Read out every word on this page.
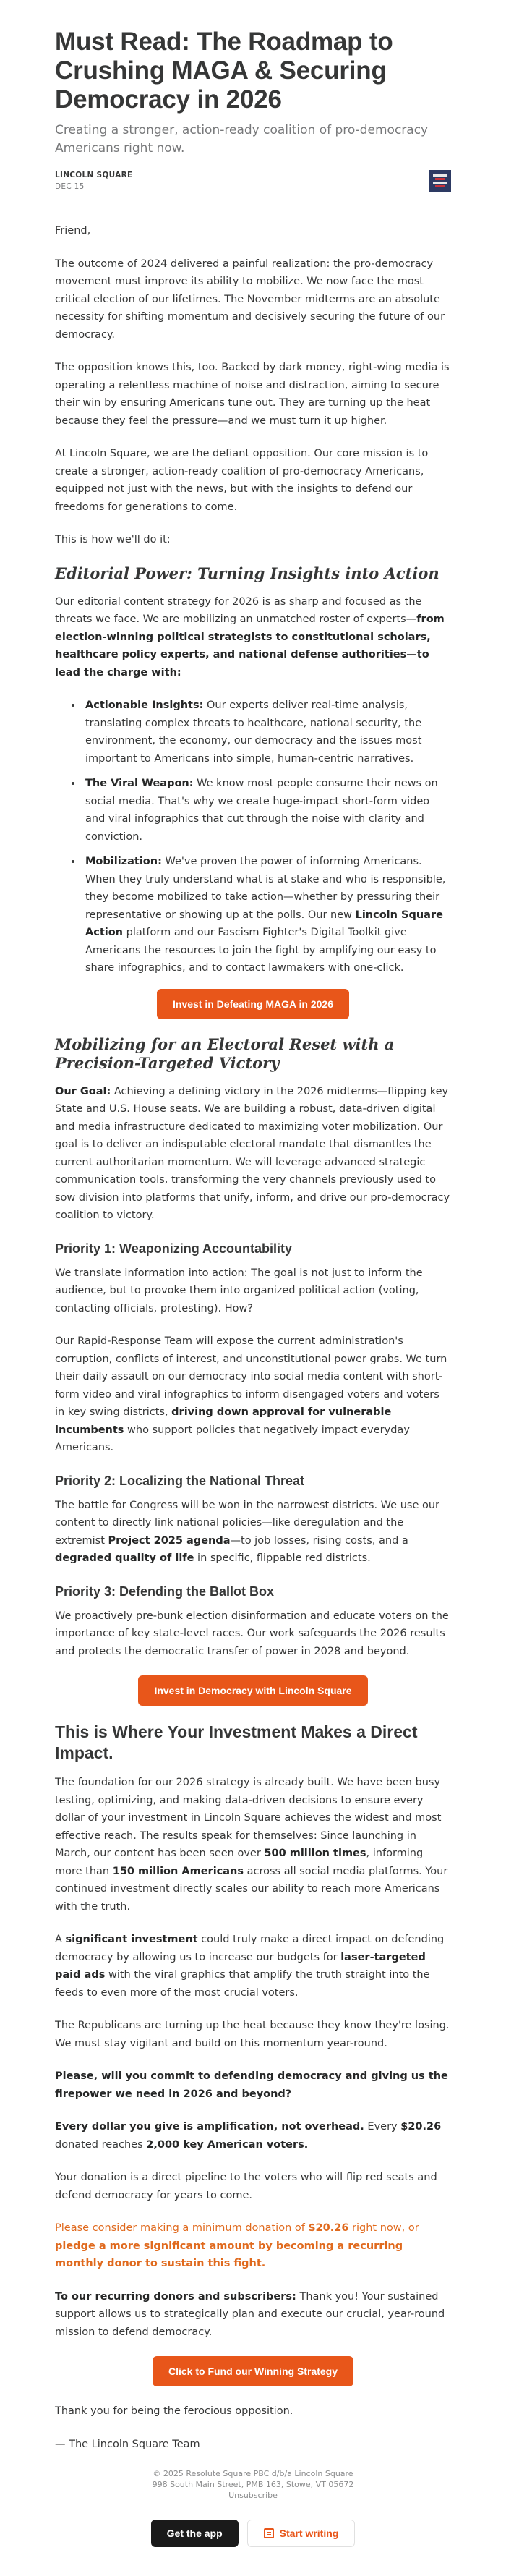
Must Read: The Roadmap to Crushing MAGA & Securing Democracy in 2026
Creating a stronger, action-ready coalition of pro-democracy Americans right now.
LINCOLN SQUARE
DEC 15

Friend,

The outcome of 2024 delivered a painful realization: the pro-democracy movement must improve its ability to mobilize. We now face the most critical election of our lifetimes. The November midterms are an absolute necessity for shifting momentum and decisively securing the future of our democracy.

The opposition knows this, too. Backed by dark money, right-wing media is operating a relentless machine of noise and distraction, aiming to secure their win by ensuring Americans tune out. They are turning up the heat because they feel the pressure—and we must turn it up higher.

At Lincoln Square, we are the defiant opposition. Our core mission is to create a stronger, action-ready coalition of pro-democracy Americans, equipped not just with the news, but with the insights to defend our freedoms for generations to come.

This is how we'll do it:

Editorial Power: Turning Insights into Action

Our editorial content strategy for 2026 is as sharp and focused as the threats we face. We are mobilizing an unmatched roster of experts—from election-winning political strategists to constitutional scholars, healthcare policy experts, and national defense authorities—to lead the charge with:

• Actionable Insights: Our experts deliver real-time analysis, translating complex threats to healthcare, national security, the environment, the economy, our democracy and the issues most important to Americans into simple, human-centric narratives.
• The Viral Weapon: We know most people consume their news on social media. That's why we create huge-impact short-form video and viral infographics that cut through the noise with clarity and conviction.
• Mobilization: We've proven the power of informing Americans. When they truly understand what is at stake and who is responsible, they become mobilized to take action—whether by pressuring their representative or showing up at the polls. Our new Lincoln Square Action platform and our Fascism Fighter's Digital Toolkit give Americans the resources to join the fight by amplifying our easy to share infographics, and to contact lawmakers with one-click.
Invest in Defeating MAGA in 2026
Mobilizing for an Electoral Reset with a Precision-Targeted Victory

Our Goal: Achieving a defining victory in the 2026 midterms—flipping key State and U.S. House seats. We are building a robust, data-driven digital and media infrastructure dedicated to maximizing voter mobilization. Our goal is to deliver an indisputable electoral mandate that dismantles the current authoritarian momentum. We will leverage advanced strategic communication tools, transforming the very channels previously used to sow division into platforms that unify, inform, and drive our pro-democracy coalition to victory.

Priority 1: Weaponizing Accountability

We translate information into action: The goal is not just to inform the audience, but to provoke them into organized political action (voting, contacting officials, protesting). How?

Our Rapid-Response Team will expose the current administration's corruption, conflicts of interest, and unconstitutional power grabs. We turn their daily assault on our democracy into social media content with short-form video and viral infographics to inform disengaged voters and voters in key swing districts, driving down approval for vulnerable incumbents who support policies that negatively impact everyday Americans.

Priority 2: Localizing the National Threat

The battle for Congress will be won in the narrowest districts. We use our content to directly link national policies—like deregulation and the extremist Project 2025 agenda—to job losses, rising costs, and a degraded quality of life in specific, flippable red districts.

Priority 3: Defending the Ballot Box

We proactively pre-bunk election disinformation and educate voters on the importance of key state-level races. Our work safeguards the 2026 results and protects the democratic transfer of power in 2028 and beyond.

Invest in Democracy with Lincoln Square
This is Where Your Investment Makes a Direct Impact.

The foundation for our 2026 strategy is already built. We have been busy testing, optimizing, and making data-driven decisions to ensure every dollar of your investment in Lincoln Square achieves the widest and most effective reach. The results speak for themselves: Since launching in March, our content has been seen over 500 million times, informing more than 150 million Americans across all social media platforms. Your continued investment directly scales our ability to reach more Americans with the truth.

A significant investment could truly make a direct impact on defending democracy by allowing us to increase our budgets for laser-targeted paid ads with the viral graphics that amplify the truth straight into the feeds to even more of the most crucial voters.

The Republicans are turning up the heat because they know they're losing. We must stay vigilant and build on this momentum year-round.

Please, will you commit to defending democracy and giving us the firepower we need in 2026 and beyond?

Every dollar you give is amplification, not overhead. Every $20.26 donated reaches 2,000 key American voters.

Your donation is a direct pipeline to the voters who will flip red seats and defend democracy for years to come.

Please consider making a minimum donation of $20.26 right now, or pledge a more significant amount by becoming a recurring monthly donor to sustain this fight.

To our recurring donors and subscribers: Thank you! Your sustained support allows us to strategically plan and execute our crucial, year-round mission to defend democracy.

Click to Fund our Winning Strategy

Thank you for being the ferocious opposition.

— The Lincoln Square Team

© 2025 Resolute Square PBC d/b/a Lincoln Square
998 South Main Street, PMB 163, Stowe, VT 05672
Unsubscribe
Get the app	Start writing
